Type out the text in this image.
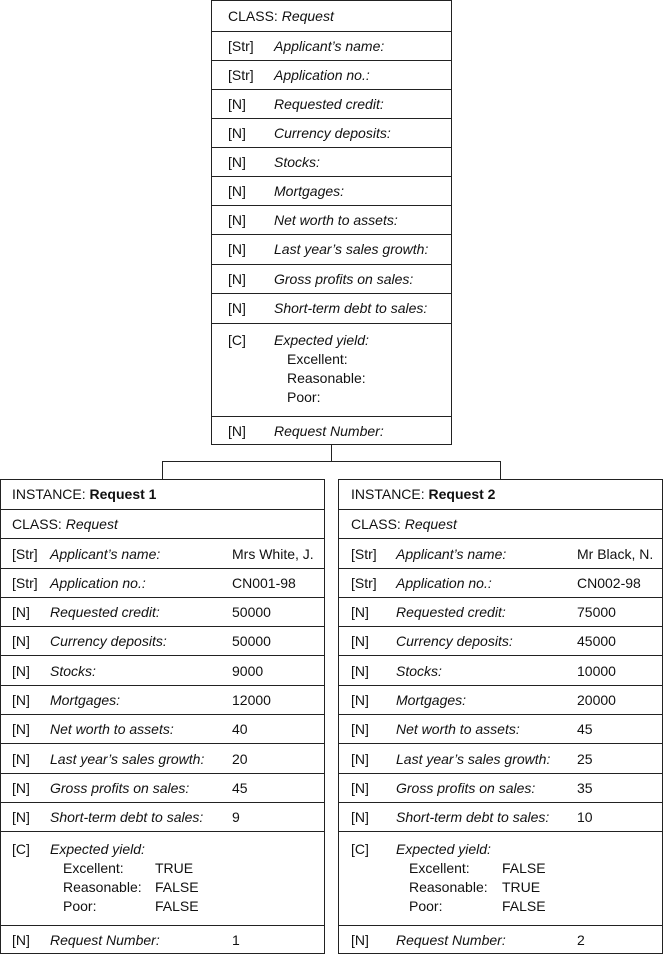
CLASS: Request
[Str] Applicant’s name:
[Str] Application no.:
[N] Requested credit:
[N] Currency deposits:
[N] Stocks:
[N] Mortgages:
[N] Net worth to assets:
[N] Last year’s sales growth:
[N] Gross profits on sales:
[N] Short-term debt to sales:
[C] Expected yield:
Excellent:
Reasonable:
Poor:
[N] Request Number:
INSTANCE: Request 1
CLASS: Request
[Str] Applicant’s name:	Mrs White, J.
[Str] Application no.:	CN001-98
[N] Requested credit:	50000
[N] Currency deposits:	50000
[N] Stocks:	9000
[N] Mortgages:	12000
[N] Net worth to assets:	40
[N] Last year’s sales growth: 20
[N] Gross profits on sales:	45
[N] Short-term debt to sales: 9
[C] Expected yield:
Excellent: TRUE
Reasonable: FALSE
Poor:	FALSE
[N] Request Number:	1
INSTANCE: Request 2
CLASS: Request
[Str] Applicant’s name:	Mr Black, N.
[Str] Application no.:	CN002-98
[N] Requested credit:	75000
[N] Currency deposits:	45000
[N] Stocks:	10000
[N] Mortgages:	20000
[N] Net worth to assets:	45
[N] Last year’s sales growth: 25
[N] Gross profits on sales:	35
[N] Short-term debt to sales: 10
[C] Expected yield:
Excellent: FALSE
Reasonable: TRUE
Poor:	FALSE
[N] Request Number:	2
